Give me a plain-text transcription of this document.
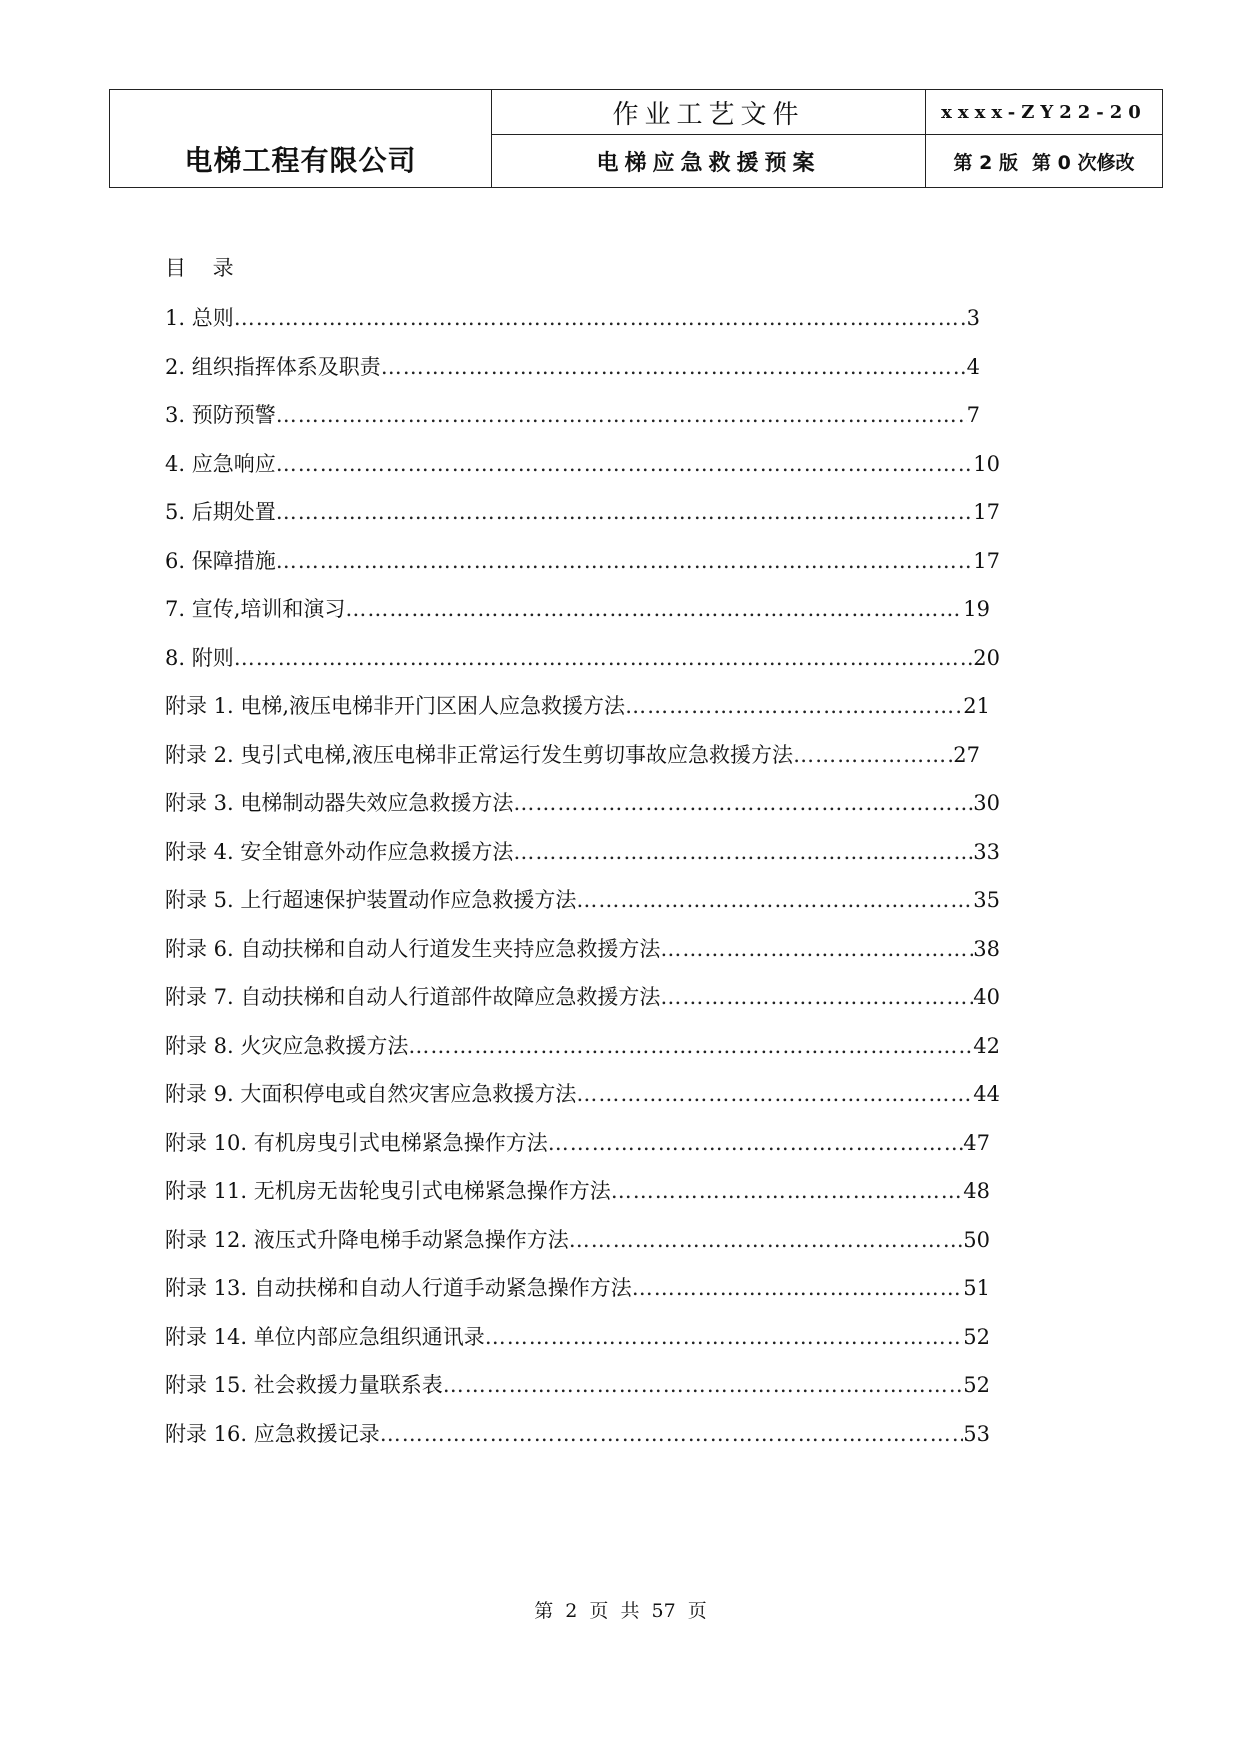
电梯工程有限公司	作业工艺文件	xxxx-ZY22-20
	电梯应急救援预案	第 2 版 第 0 次修改
目 录
1. 总则 …………………………………………………………………………………………………………………………………………………………………………………………	3
2. 组织指挥体系及职责 …………………………………………………………………………………………………………………………………………………………………………………………	4
3. 预防预警 …………………………………………………………………………………………………………………………………………………………………………………………	7
4. 应急响应 …………………………………………………………………………………………………………………………………………………………………………………………	10
5. 后期处置 …………………………………………………………………………………………………………………………………………………………………………………………	17
6. 保障措施 …………………………………………………………………………………………………………………………………………………………………………………………	17
7. 宣传,培训和演习 …………………………………………………………………………………………………………………………………………………………………………………………	19
8. 附则 …………………………………………………………………………………………………………………………………………………………………………………………	20
附录 1. 电梯,液压电梯非开门区困人应急救援方法 …………………………………………………………………………………………………………………………………………………………………………………………	21
附录 2. 曳引式电梯,液压电梯非正常运行发生剪切事故应急救援方法 …………………………………………………………………………………………………………………………………………………………………………………………	27
附录 3. 电梯制动器失效应急救援方法 …………………………………………………………………………………………………………………………………………………………………………………………	30
附录 4. 安全钳意外动作应急救援方法 …………………………………………………………………………………………………………………………………………………………………………………………	33
附录 5. 上行超速保护装置动作应急救援方法 …………………………………………………………………………………………………………………………………………………………………………………………	35
附录 6. 自动扶梯和自动人行道发生夹持应急救援方法 …………………………………………………………………………………………………………………………………………………………………………………………	38
附录 7. 自动扶梯和自动人行道部件故障应急救援方法 …………………………………………………………………………………………………………………………………………………………………………………………	40
附录 8. 火灾应急救援方法 …………………………………………………………………………………………………………………………………………………………………………………………	42
附录 9. 大面积停电或自然灾害应急救援方法 …………………………………………………………………………………………………………………………………………………………………………………………	44
附录 10. 有机房曳引式电梯紧急操作方法 …………………………………………………………………………………………………………………………………………………………………………………………	47
附录 11. 无机房无齿轮曳引式电梯紧急操作方法 …………………………………………………………………………………………………………………………………………………………………………………………	48
附录 12. 液压式升降电梯手动紧急操作方法 …………………………………………………………………………………………………………………………………………………………………………………………	50
附录 13. 自动扶梯和自动人行道手动紧急操作方法 …………………………………………………………………………………………………………………………………………………………………………………………	51
附录 14. 单位内部应急组织通讯录 …………………………………………………………………………………………………………………………………………………………………………………………	52
附录 15. 社会救援力量联系表 …………………………………………………………………………………………………………………………………………………………………………………………	52
附录 16. 应急救援记录 …………………………………………………………………………………………………………………………………………………………………………………………	53
第 2 页 共 57 页
